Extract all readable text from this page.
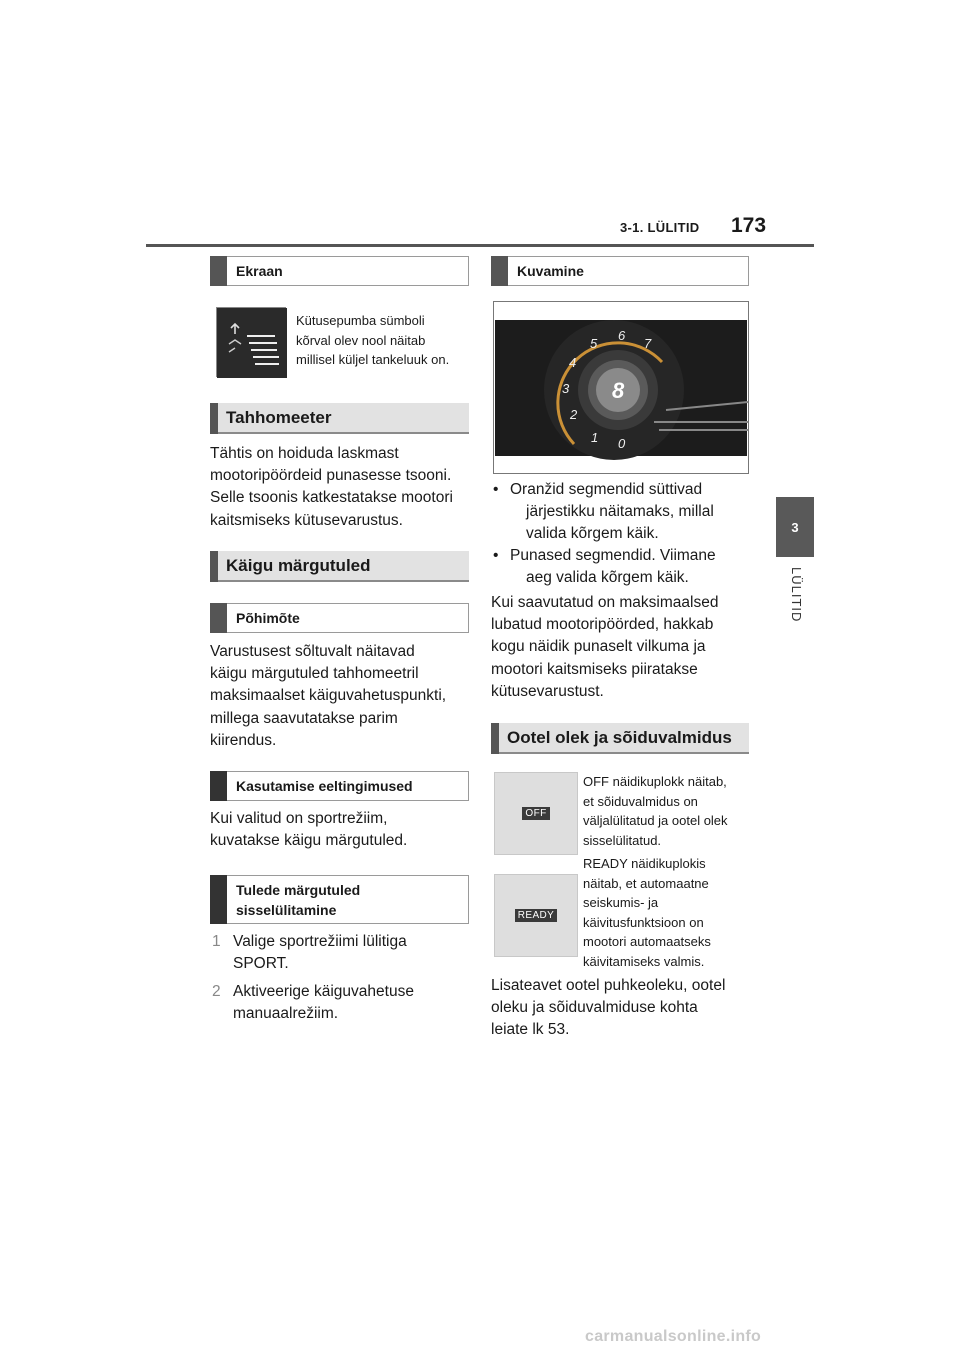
3-1. LÜLITID 173
3
LÜLITID
Ekraan
Kütusepumba sümboli
kõrval olev nool näitab
millisel küljel tankeluuk on.
Tahhomeeter
Tähtis on hoiduda laskmast
mootoripöördeid punasesse tsooni.
Selle tsoonis katkestatakse mootori
kaitsmiseks kütusevarustus.
Käigu märgutuled
Põhimõte
Varustusest sõltuvalt näitavad
käigu märgutuled tahhomeetril
maksimaalset käiguvahetuspunkti,
millega saavutatakse parim
kiirendus.
Kasutamise eeltingimused
Kui valitud on sportrežiim,
kuvatakse käigu märgutuled.
Tulede märgutuled
sisselülitamine
1 Valige sportrežiimi lülitiga
SPORT.
2 Aktiveerige käiguvahetuse
manuaalrežiim.
Kuvamine
8
1
2
3
4
5
6
7
0
• Oranžid segmendid süttivad
järjestikku näitamaks, millal
valida kõrgem käik.
• Punased segmendid. Viimane
aeg valida kõrgem käik.
Kui saavutatud on maksimaalsed
lubatud mootoripöörded, hakkab
kogu näidik punaselt vilkuma ja
mootori kaitsmiseks piiratakse
kütusevarustust.
Ootel olek ja sõiduvalmidus
OFF
OFF näidikuplokk näitab,
et sõiduvalmidus on
väljalülitatud ja ootel olek
sisselülitatud.
READY
READY näidikuplokis
näitab, et automaatne
seiskumis- ja
käivitusfunktsioon on
mootori automaatseks
käivitamiseks valmis.
Lisateavet ootel puhkeoleku, ootel
oleku ja sõiduvalmiduse kohta
leiate lk 53.
carmanualsonline.info
